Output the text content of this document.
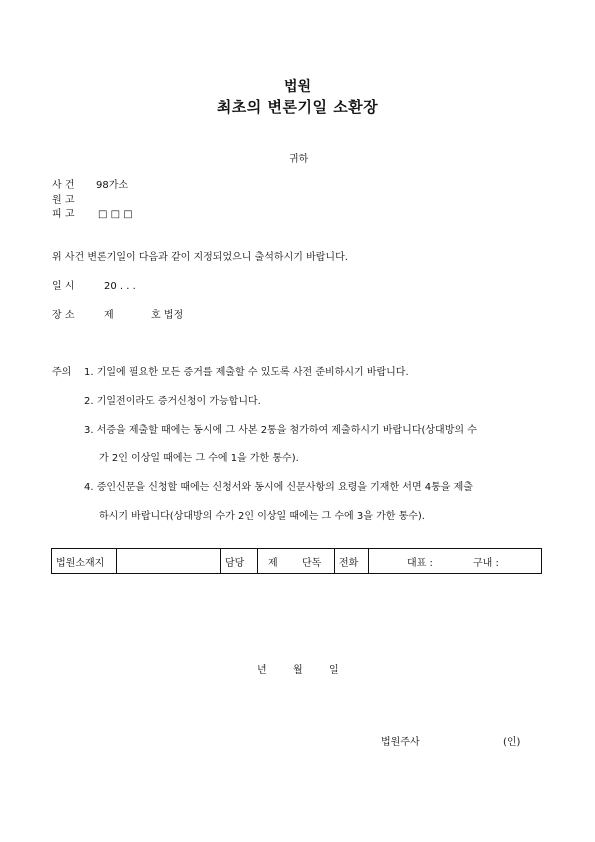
법원
최초의 변론기일 소환장
귀하
사 건 98가소
원 고
피 고 □ □ □
위 사건 변론기일이 다음과 같이 지정되었으니 출석하시기 바랍니다.
일 시	20 . . .
장 소	제	호 법정
주의 1. 기일에 필요한 모든 증거를 제출할 수 있도록 사전 준비하시기 바랍니다.
2. 기일전이라도 증거신청이 가능합니다.
3. 서증을 제출할 때에는 동시에 그 사본 2통을 첨가하여 제출하시기 바랍니다(상대방의 수
가 2인 이상일 때에는 그 수에 1을 가한 통수).
4. 증인신문을 신청할 때에는 신청서와 동시에 신문사항의 요령을 기재한 서면 4통을 제출
하시기 바랍니다(상대방의 수가 2인 이상일 때에는 그 수에 3을 가한 통수).
법원소재지		담당	제 단독	전화	대표 :	구내 :
년	월	일
법원주사	(인)
